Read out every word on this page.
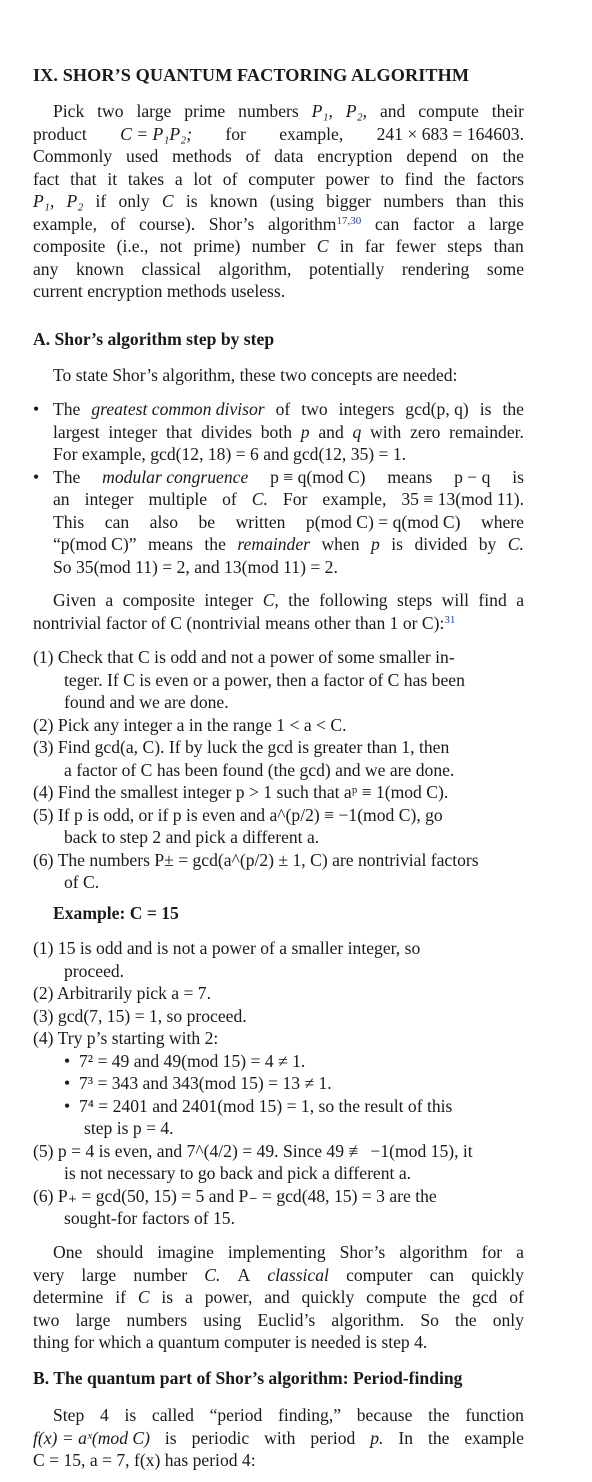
IX. SHOR’S QUANTUM FACTORING ALGORITHM
Pick two large prime numbers P₁, P₂, and compute their
product C = P₁P₂; for example, 241 × 683 = 164603.
Commonly used methods of data encryption depend on the
fact that it takes a lot of computer power to find the factors
P₁, P₂ if only C is known (using bigger numbers than this
example, of course). Shor’s algorithm$^{17,30}$ can factor a large
composite (i.e., not prime) number C in far fewer steps than
any known classical algorithm, potentially rendering some
current encryption methods useless.
A. Shor’s algorithm step by step
To state Shor’s algorithm, these two concepts are needed:
• The greatest common divisor of two integers gcd(p, q) is the
largest integer that divides both p and q with zero remainder.
For example, gcd(12, 18) = 6 and gcd(12, 35) = 1.
• The modular congruence p ≡ q(mod C) means p − q is
an integer multiple of C. For example, 35 ≡ 13(mod 11).
This can also be written p(mod C) = q(mod C) where
“p(mod C)” means the remainder when p is divided by C.
So 35(mod 11) = 2, and 13(mod 11) = 2.
Given a composite integer C, the following steps will find a
nontrivial factor of C (nontrivial means other than 1 or C):$^{31}$
(1) Check that C is odd and not a power of some smaller in-
teger. If C is even or a power, then a factor of C has been
found and we are done.
(2) Pick any integer a in the range 1 < a < C.
(3) Find gcd(a, C). If by luck the gcd is greater than 1, then
a factor of C has been found (the gcd) and we are done.
(4) Find the smallest integer p > 1 such that aᵖ ≡ 1(mod C).
(5) If p is odd, or if p is even and a^(p/2) ≡ −1(mod C), go
back to step 2 and pick a different a.
(6) The numbers P± = gcd(a^(p/2) ± 1, C) are nontrivial factors
of C.
Example: C = 15
(1) 15 is odd and is not a power of a smaller integer, so
proceed.
(2) Arbitrarily pick a = 7.
(3) gcd(7, 15) = 1, so proceed.
(4) Try p’s starting with 2:
• 7² = 49 and 49(mod 15) = 4 ≠ 1.
• 7³ = 343 and 343(mod 15) = 13 ≠ 1.
• 7⁴ = 2401 and 2401(mod 15) = 1, so the result of this
step is p = 4.
(5) p = 4 is even, and 7^(4/2) = 49. Since 49 ≢ −1(mod 15), it
is not necessary to go back and pick a different a.
(6) P₊ = gcd(50, 15) = 5 and P₋ = gcd(48, 15) = 3 are the
sought-for factors of 15.
One should imagine implementing Shor’s algorithm for a
very large number C. A classical computer can quickly
determine if C is a power, and quickly compute the gcd of
two large numbers using Euclid’s algorithm. So the only
thing for which a quantum computer is needed is step 4.
B. The quantum part of Shor’s algorithm: Period-finding
Step 4 is called “period finding,” because the function
f(x) = aˣ(mod C) is periodic with period p. In the example
C = 15, a = 7, f(x) has period 4:
